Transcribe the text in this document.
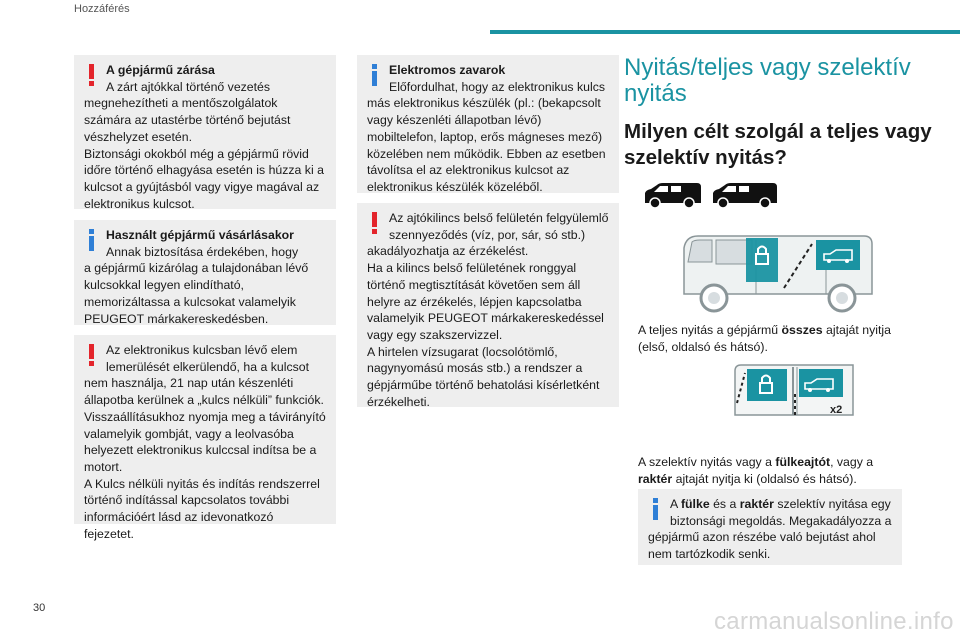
Hozzáférés

A gépjármű zárása

A zárt ajtókkal történő vezetés

megnehezítheti a mentőszolgálatok számára az utastérbe történő bejutást vészhelyzet esetén.
Biztonsági okokból még a gépjármű rövid időre történő elhagyása esetén is húzza ki a kulcsot a gyújtásból vagy vigye magával az elektronikus kulcsot.

Használt gépjármű vásárlásakor

Annak biztosítása érdekében, hogy

a gépjármű kizárólag a tulajdonában lévő kulcsokkal legyen elindítható, memorizáltassa a kulcsokat valamelyik PEUGEOT márkakereskedésben.

Az elektronikus kulcsban lévő elem

lemerülését elkerülendő, ha a kulcsot

nem használja, 21 nap után készenléti állapotba kerülnek a „kulcs nélküli” funkciók. Visszaállításukhoz nyomja meg a távirányító valamelyik gombját, vagy a leolvasóba helyezett elektronikus kulccsal indítsa be a motort.
A Kulcs nélküli nyitás és indítás rendszerrel történő indítással kapcsolatos további információért lásd az idevonatkozó fejezetet.

Elektromos zavarok

Előfordulhat, hogy az elektronikus kulcs

más elektronikus készülék (pl.: (bekapcsolt vagy készenléti állapotban lévő) mobiltelefon, laptop, erős mágneses mező) közelében nem működik. Ebben az esetben távolítsa el az elektronikus kulcsot az elektronikus készülék közeléből.

Az ajtókilincs belső felületén felgyülemlő

szennyeződés (víz, por, sár, só stb.)

akadályozhatja az érzékelést.
Ha a kilincs belső felületének ronggyal történő megtisztítását követően sem áll helyre az érzékelés, lépjen kapcsolatba valamelyik PEUGEOT márkakereskedéssel vagy egy szakszervizzel.
A hirtelen vízsugarat (locsolótömlő, nagynyomású mosás stb.) a rendszer a gépjárműbe történő behatolási kísérletként érzékelheti.

Nyitás/teljes vagy szelektív nyitás
Milyen célt szolgál a teljes vagy szelektív nyitás?
A teljes nyitás a gépjármű összes ajtaját nyitja (első, oldalsó és hátsó).
x2
A szelektív nyitás vagy a fülkeajtót, vagy a raktér ajtaját nyitja ki (oldalsó és hátsó).

A fülke és a raktér szelektív nyitása egy

biztonsági megoldás. Megakadályozza a

gépjármű azon részébe való bejutást ahol nem tartózkodik senki.

30	carmanualsonline.info
